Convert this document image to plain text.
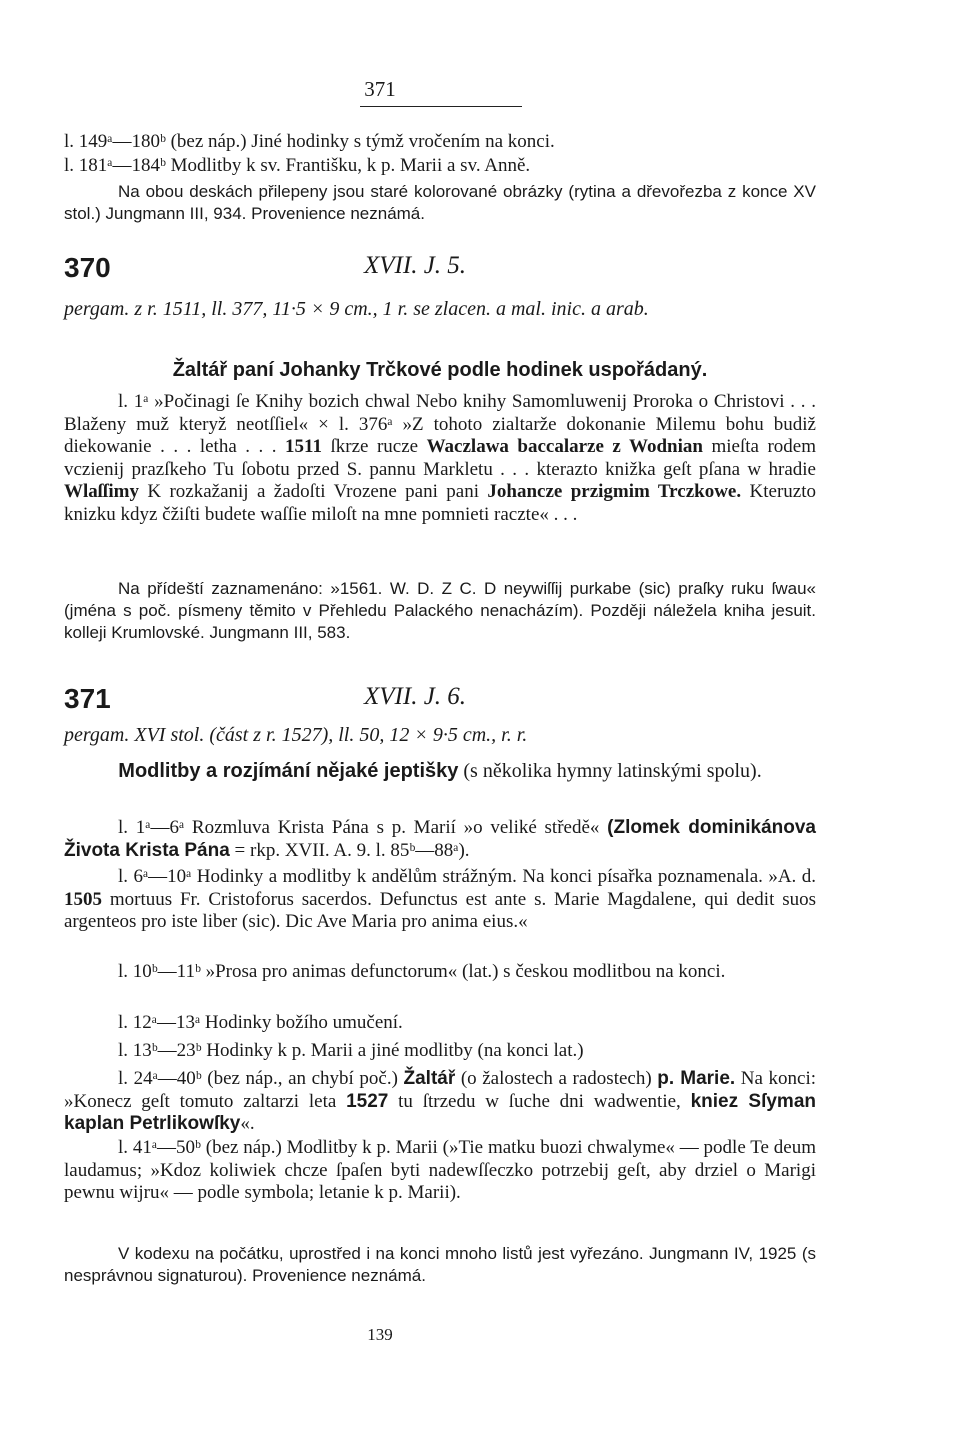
371
l. 149ᵃ—180ᵇ (bez náp.) Jiné hodinky s týmž vročením na konci.
l. 181ᵃ—184ᵇ Modlitby k sv. Františku, k p. Marii a sv. Anně.
Na obou deskách přilepeny jsou staré kolorované obrázky (rytina a dřevořezba z konce XV stol.) Jungmann III, 934. Provenience neznámá.
370	XVII. J. 5.
pergam. z r. 1511, ll. 377, 11·5 × 9 cm., 1 r. se zlacen. a mal. inic. a arab.
Žaltář paní Johanky Trčkové podle hodinek uspořádaný.
l. 1ᵃ »Počinagi ſe Knihy bozich chwal Nebo knihy Samomluwenij Proroka o Christovi . . . Blaženy muž kteryž neotſſiel« × l. 376ᵃ »Z tohoto zialtarže dokonanie Milemu bohu budiž diekowanie . . . letha . . . 1511 ſkrze rucze Waczlawa baccalarze z Wodnian mieſta rodem vczienij prazſkeho Tu ſobotu przed S. pannu Markletu . . . kterazto knižka geſt pſana w hradie Wlaſſimy K rozkažanij a žadoſti Vrozene pani pani Johancze przigmim Trczkowe. Kteruzto knizku kdyz čžiſti budete waſſie miloſt na mne pomnieti raczte« . . .
Na přídeští zaznamenáno: »1561. W. D. Z C. D neywiſſij purkabe (sic) praſky ruku ſwau« (jména s poč. písmeny těmito v Přehledu Palackého nenacházím). Později náležela kniha jesuit. kolleji Krumlovské. Jungmann III, 583.
371	XVII. J. 6.
pergam. XVI stol. (část z r. 1527), ll. 50, 12 × 9·5 cm., r. r.
Modlitby a rozjímání nějaké jeptišky (s několika hymny latinskými spolu).
l. 1ᵃ—6ᵃ Rozmluva Krista Pána s p. Marií »o veliké středě« (Zlomek dominikánova Života Krista Pána = rkp. XVII. A. 9. l. 85ᵇ—88ᵃ).
l. 6ᵃ—10ᵃ Hodinky a modlitby k andělům strážným. Na konci písařka poznamenala. »A. d. 1505 mortuus Fr. Cristoforus sacerdos. Defunctus est ante s. Marie Magdalene, qui dedit suos argenteos pro iste liber (sic). Dic Ave Maria pro anima eius.«
l. 10ᵇ—11ᵇ »Prosa pro animas defunctorum« (lat.) s českou modlitbou na konci.
l. 12ᵃ—13ᵃ Hodinky božího umučení.
l. 13ᵇ—23ᵇ Hodinky k p. Marii a jiné modlitby (na konci lat.)
l. 24ᵃ—40ᵇ (bez náp., an chybí poč.) Žaltář (o žalostech a radostech) p. Marie. Na konci: »Konecz geſt tomuto zaltarzi leta 1527 tu ſtrzedu w ſuche dni wadwentie, kniez Sſyman kaplan Petrlikowſky«.
l. 41ᵃ—50ᵇ (bez náp.) Modlitby k p. Marii (»Tie matku buozi chwalyme« — podle Te deum laudamus; »Kdoz koliwiek chcze ſpaſen byti nadewſſeczko potrzebij geſt, aby drziel o Marigi pewnu wijru« — podle symbola; letanie k p. Marii).
V kodexu na počátku, uprostřed i na konci mnoho listů jest vyřezáno. Jungmann IV, 1925 (s nesprávnou signaturou). Provenience neznámá.
139
